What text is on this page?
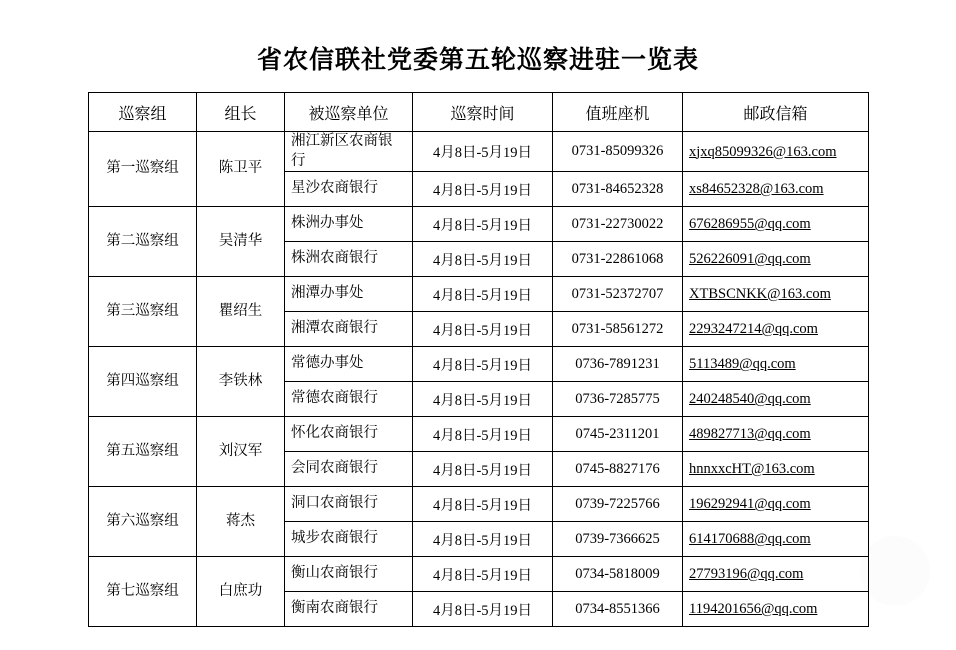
省农信联社党委第五轮巡察进驻一览表
巡察组	组长	被巡察单位	巡察时间	值班座机	邮政信箱
第一巡察组	陈卫平	湘江新区农商银行	4月8日-5月19日	0731-85099326	xjxq85099326@163.com
		星沙农商银行	4月8日-5月19日	0731-84652328	xs84652328@163.com
第二巡察组	吴清华	株洲办事处	4月8日-5月19日	0731-22730022	676286955@qq.com
		株洲农商银行	4月8日-5月19日	0731-22861068	526226091@qq.com
第三巡察组	瞿绍生	湘潭办事处	4月8日-5月19日	0731-52372707	XTBSCNKK@163.com
		湘潭农商银行	4月8日-5月19日	0731-58561272	2293247214@qq.com
第四巡察组	李铁林	常德办事处	4月8日-5月19日	0736-7891231	5113489@qq.com
		常德农商银行	4月8日-5月19日	0736-7285775	240248540@qq.com
第五巡察组	刘汉军	怀化农商银行	4月8日-5月19日	0745-2311201	489827713@qq.com
		会同农商银行	4月8日-5月19日	0745-8827176	hnnxxcHT@163.com
第六巡察组	蒋杰	洞口农商银行	4月8日-5月19日	0739-7225766	196292941@qq.com
		城步农商银行	4月8日-5月19日	0739-7366625	614170688@qq.com
第七巡察组	白庶功	衡山农商银行	4月8日-5月19日	0734-5818009	27793196@qq.com
		衡南农商银行	4月8日-5月19日	0734-8551366	1194201656@qq.com
